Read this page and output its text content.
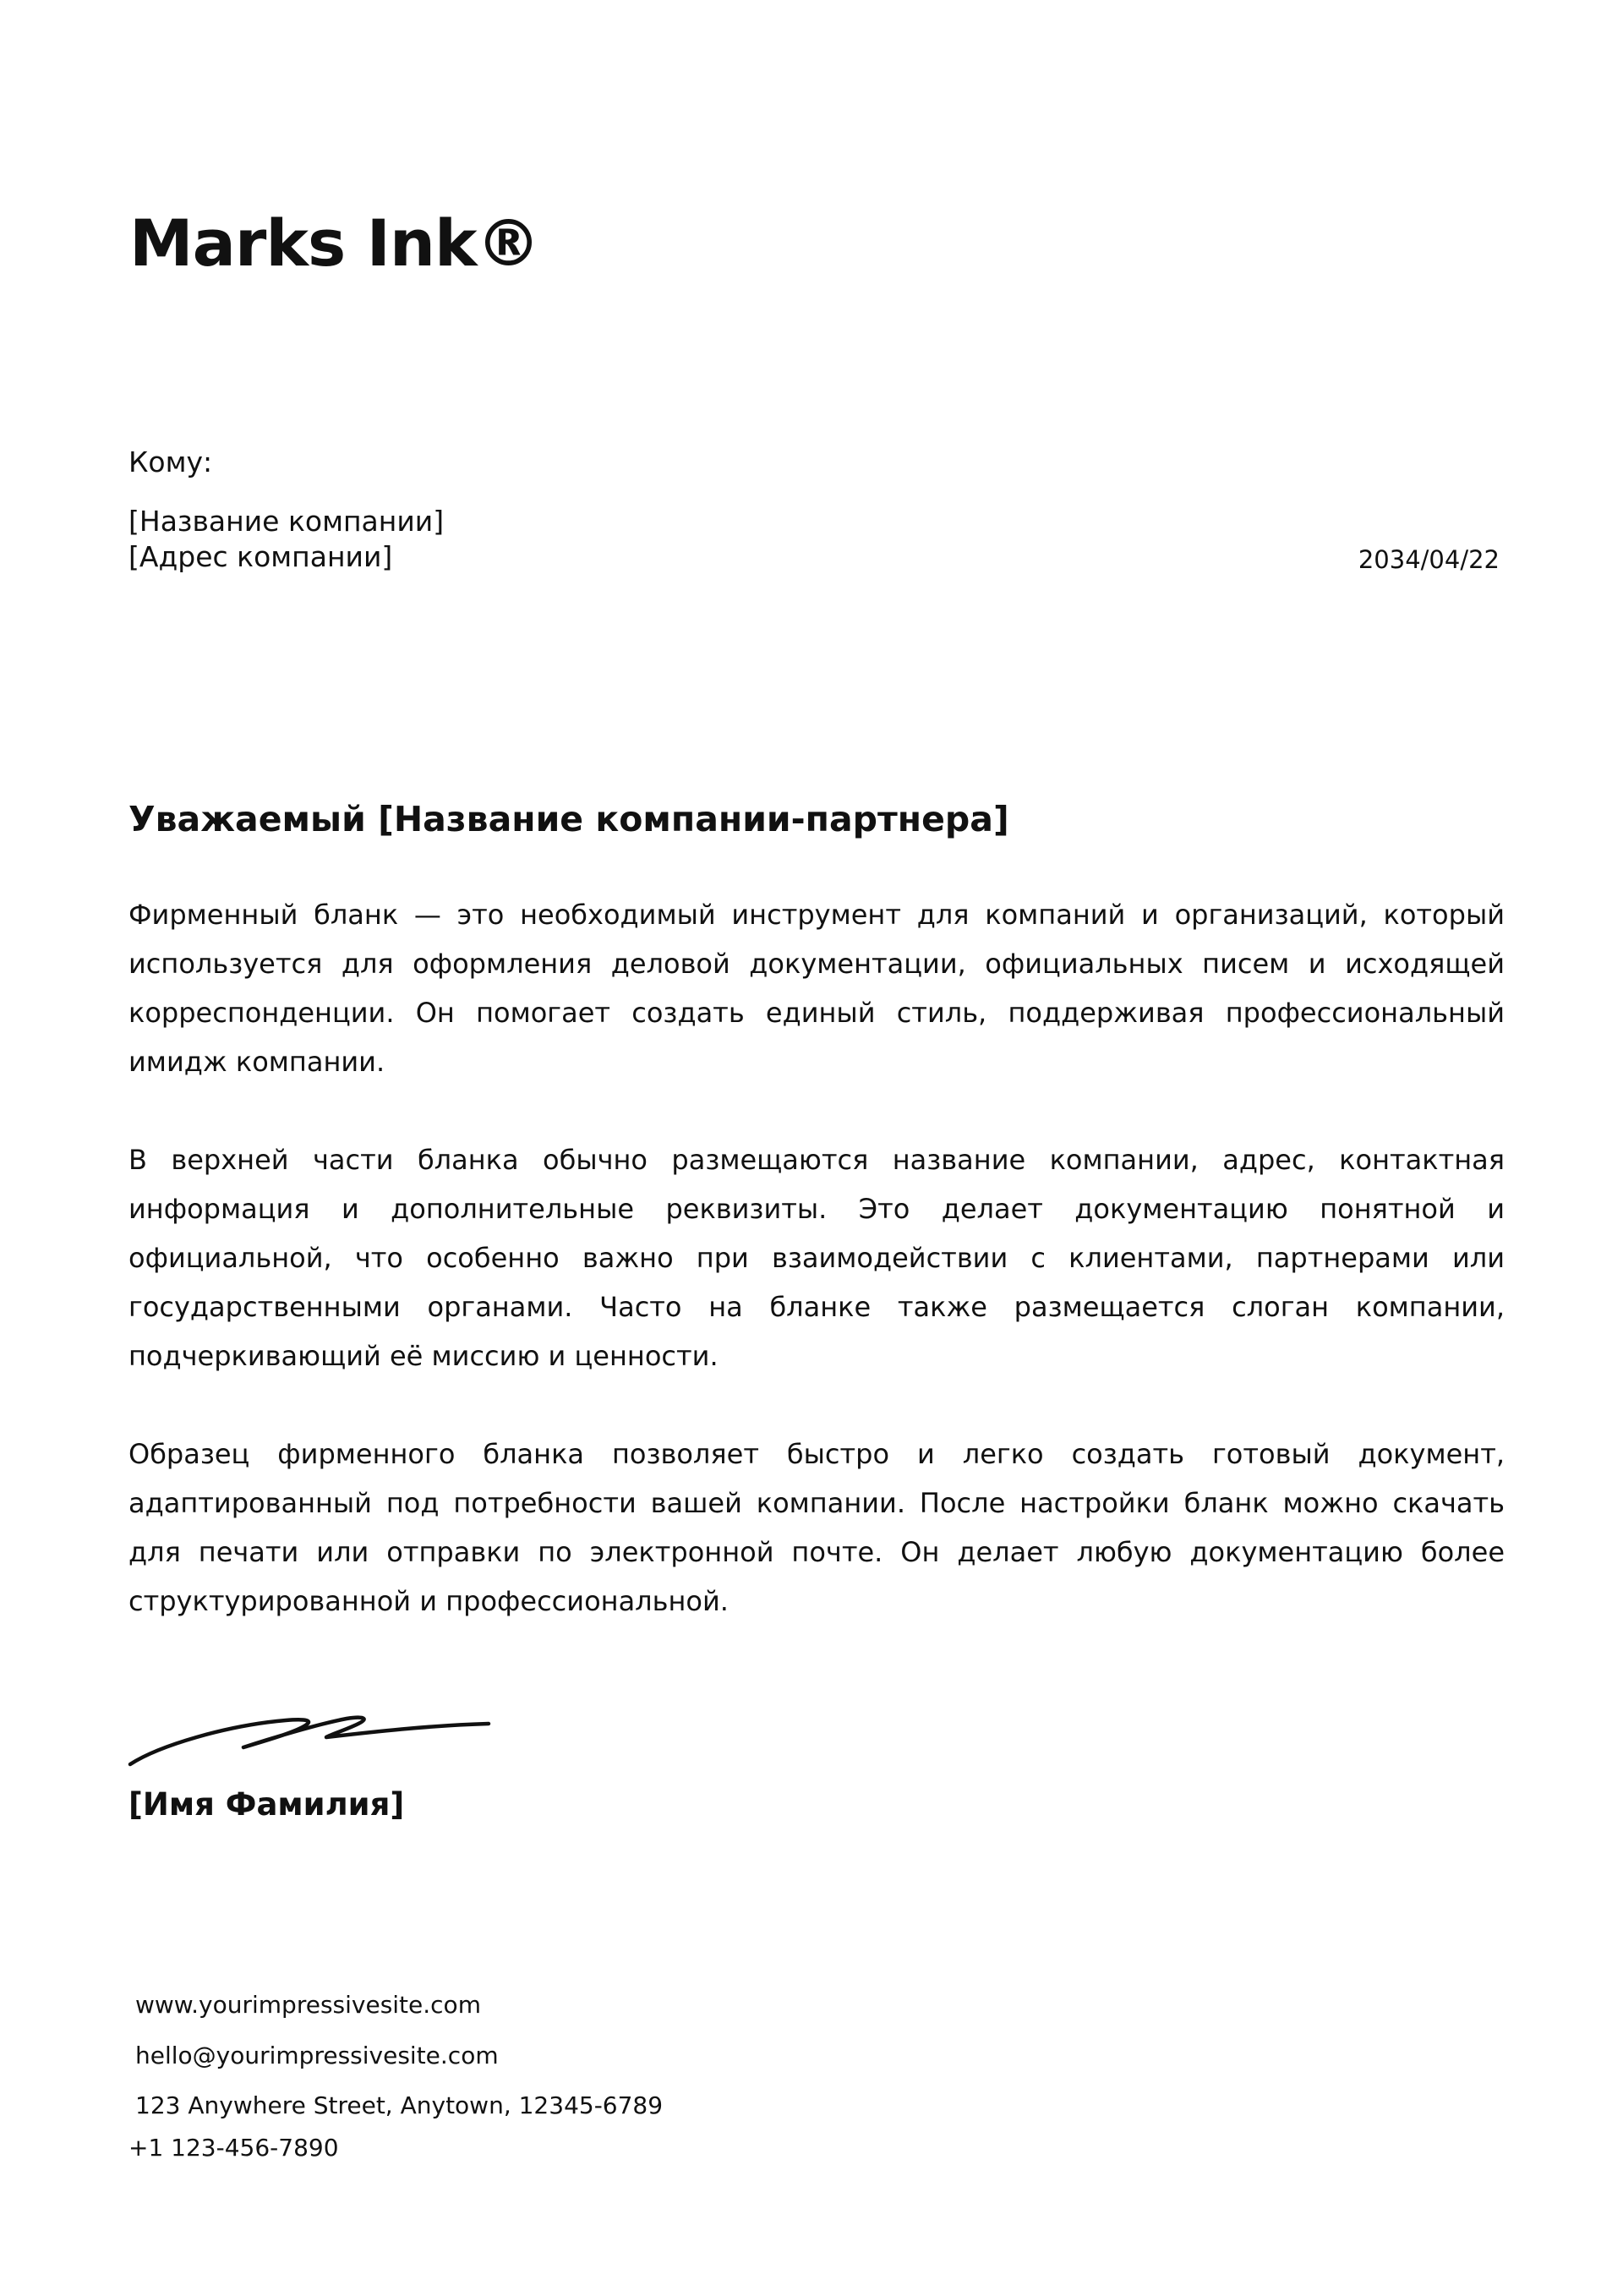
Marks Ink®
Кому:
[Название компании]
[Адрес компании]	2034/04/22
Уважаемый [Название компании-партнера]

Фирменный бланк — это необходимый инструмент для компаний и организаций, который используется для оформления деловой документации, официальных писем и исходящей корреспонденции. Он помогает создать единый стиль, поддерживая профессиональный имидж компании.

В верхней части бланка обычно размещаются название компании, адрес, контактная информация и дополнительные реквизиты. Это делает документацию понятной и официальной, что особенно важно при взаимодействии с клиентами, партнерами или государственными органами. Часто на бланке также размещается слоган компании, подчеркивающий её миссию и ценности.

Образец фирменного бланка позволяет быстро и легко создать готовый документ, адаптированный под потребности вашей компании. После настройки бланк можно скачать для печати или отправки по электронной почте. Он делает любую документацию более структурированной и профессиональной.

[Имя Фамилия]
www.yourimpressivesite.com
hello@yourimpressivesite.com
123 Anywhere Street, Anytown, 12345-6789
+1 123-456-7890
